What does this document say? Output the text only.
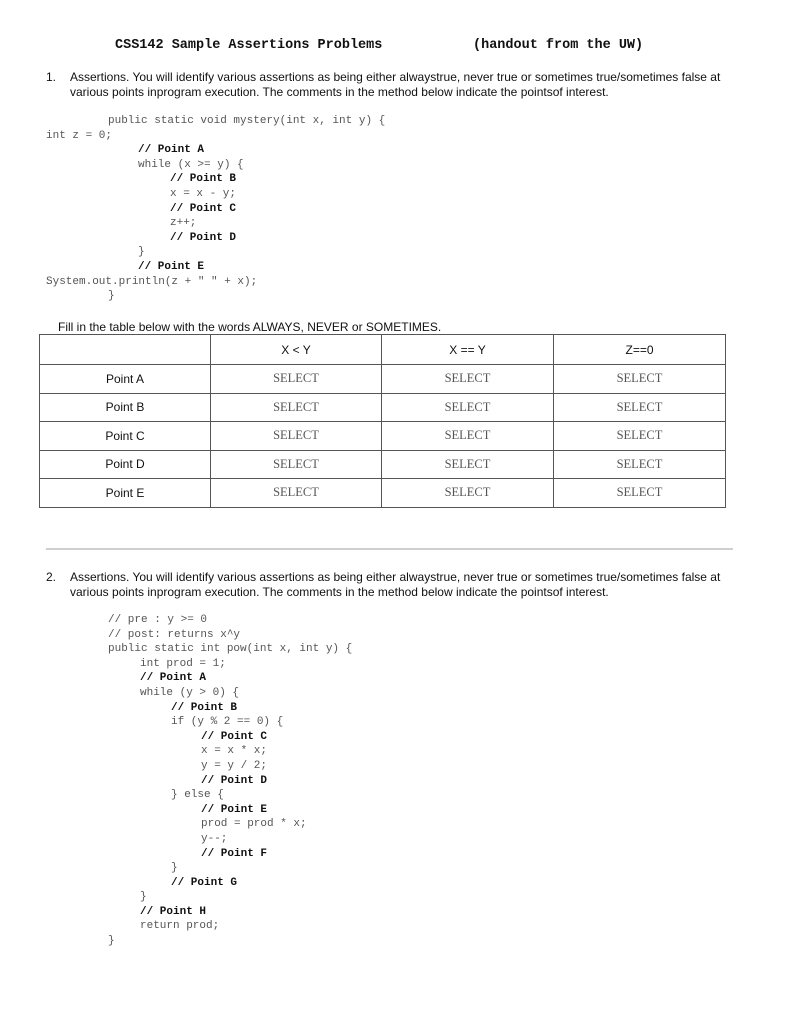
CSS142 Sample Assertions Problems	(handout from the UW)
1. Assertions. You will identify various assertions as being either alwaystrue, never true or sometimes true/sometimes false at various points inprogram execution. The comments in the method below indicate the pointsof interest.
public static void mystery(int x, int y) {
int z = 0;
// Point A
while (x >= y) {
// Point B
x = x - y;
// Point C
z++;
// Point D
}
// Point E
System.out.println(z + " " + x);
}
Fill in the table below with the words ALWAYS, NEVER or SOMETIMES.
	X < Y	X == Y	Z==0
Point A	SELECT	SELECT	SELECT
Point B	SELECT	SELECT	SELECT
Point C	SELECT	SELECT	SELECT
Point D	SELECT	SELECT	SELECT
Point E	SELECT	SELECT	SELECT
2. Assertions. You will identify various assertions as being either alwaystrue, never true or sometimes true/sometimes false at various points inprogram execution. The comments in the method below indicate the pointsof interest.
// pre : y >= 0
// post: returns x^y
public static int pow(int x, int y) {
int prod = 1;
// Point A
while (y > 0) {
// Point B
if (y % 2 == 0) {
// Point C
x = x * x;
y = y / 2;
// Point D
} else {
// Point E
prod = prod * x;
y--;
// Point F
}
// Point G
}
// Point H
return prod;
}
